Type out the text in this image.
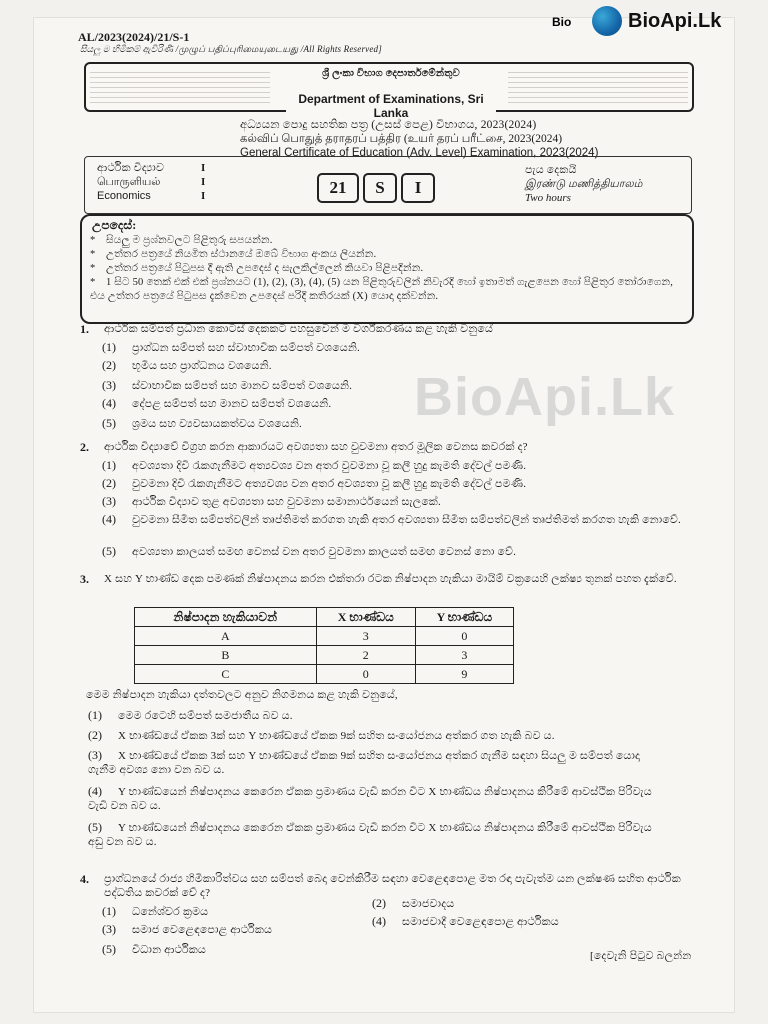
AL/2023(2024)/21/S-1
සියලු ම හිමිකම් ඇවිරිණි /முழுப் பதிப்புரிமையுடையது /All Rights Reserved]
Bio	BioApi.Lk
ශ්‍රී ලංකා විභාග දෙපාර්තමේන්තුව
Department of Examinations, Sri Lanka
අධ්‍යයන පොදු සහතික පත්‍ර (උසස් පෙළ) විභාගය, 2023(2024)
கல்விப் பொதுத் தராதரப் பத்திர (உயர் தரப் பரீட்சை, 2023(2024)
General Certificate of Education (Adv. Level) Examination, 2023(2024)
ආර්ථික විද්‍යාව
பொருளியல்
Economics
I
I
I	21	S	I
පැය දෙකයි
இரண்டு மணித்தியாலம்
Two hours
උපදෙස්:
* සියලු ම ප්‍රශ්නවලට පිළිතුරු සපයන්න.
* උත්තර පත්‍රයේ නියමිත ස්ථානයේ ඔබේ විභාග අංකය ලියන්න.
* උත්තර පත්‍රයේ පිටුපස දී ඇති උපදෙස් ද සැලකිල්ලෙන් කියවා පිළිපදින්න.
* 1 සිට 50 තෙක් එක් එක් ප්‍රශ්නයට (1), (2), (3), (4), (5) යන පිළිතුරුවලින් නිවැරදි හෝ ඉතාමත් ගැළපෙන හෝ පිළිතුර තෝරාගෙන, එය උත්තර පත්‍රයේ පිටුපස දැක්වෙන උපදෙස් පරිදි කතිරයක් (X) යොදා දක්වන්න.
BioApi.Lk
1. ආර්ථික සම්පත් ප්‍රධාන කොටස් දෙකකට පහසුවෙන් ම වර්ගීකරණය කළ හැකි වනුයේ
(1) ප්‍රාග්ධන සම්පත් සහ ස්වාභාවික සම්පත් වශයෙනි.
(2) භූමිය සහ ප්‍රාග්ධනය වශයෙනි.
(3) ස්වාභාවික සම්පත් සහ මානව සම්පත් වශයෙනි.
(4) දේපළ සම්පත් සහ මානව සම්පත් වශයෙනි.
(5) ශ්‍රමය සහ ව්‍යවසායකත්වය වශයෙනි.
2. ආර්ථික විද්‍යාවේ විග්‍රහ කරන ආකාරයට අවශ්‍යතා සහ වුවමනා අතර මූලික වෙනස කවරක් ද?
(1) අවශ්‍යතා දිවි රැකගැනීමට අත්‍යවශ්‍ය වන අතර වුවමනා වූ කලී හුදු කැමති දේවල් පමණි.
(2) වුවමනා දිවි රැකගැනීමට අත්‍යවශ්‍ය වන අතර අවශ්‍යතා වූ කලී හුදු කැමති දේවල් පමණි.
(3) ආර්ථික විද්‍යාව තුළ අවශ්‍යතා සහ වුවමනා සමානාර්ථයෙන් සැලකේ.
(4) වුවමනා සීමිත සම්පත්වලින් තෘප්තිමත් කරගත හැකි අතර අවශ්‍යතා සීමිත සම්පත්වලින් තෘප්තිමත් කරගත හැකි නොවේ.
(5) අවශ්‍යතා කාලයත් සමඟ වෙනස් වන අතර වුවමනා කාලයත් සමඟ වෙනස් නො වේ.
3. X සහ Y භාණ්ඩ දෙක පමණක් නිෂ්පාදනය කරන එක්තරා රටක නිෂ්පාදන හැකියා මායිම් වක්‍රයෙහි ලක්ෂ්‍ය තුනක් පහත දැක්වේ.
නිෂ්පාදන හැකියාවන්	X භාණ්ඩය	Y භාණ්ඩය
A	3	0
B	2	3
C	0	9
මෙම නිෂ්පාදන හැකියා දත්තවලට අනුව නිගමනය කළ හැකි වනුයේ,
(1) මෙම රටෙහි සම්පත් සමජාතීය බව ය.
(2) X භාණ්ඩයේ ඒකක 3ක් සහ Y භාණ්ඩයේ ඒකක 9ක් සහිත සංයෝජනය අත්කර ගත හැකි බව ය.
(3) X භාණ්ඩයේ ඒකක 3ක් සහ Y භාණ්ඩයේ ඒකක 9ක් සහිත සංයෝජනය අත්කර ගැනීම සඳහා සියලු ම සම්පත් යොදා ගැනීම අවශ්‍ය නො වන බව ය.
(4) Y භාණ්ඩයෙන් නිෂ්පාදනය කෙරෙන ඒකක ප්‍රමාණය වැඩි කරන විට X භාණ්ඩය නිෂ්පාදනය කිරීමේ ආවස්ථික පිරිවැය වැඩි වන බව ය.
(5) Y භාණ්ඩයෙන් නිෂ්පාදනය කෙරෙන ඒකක ප්‍රමාණය වැඩි කරන විට X භාණ්ඩය නිෂ්පාදනය කිරීමේ ආවස්ථික පිරිවැය අඩු වන බව ය.
4. ප්‍රාග්ධනයේ රාජ්‍ය හිමිකාරිත්වය සහ සම්පත් බෙදා වෙන්කිරීම සඳහා වෙළෙඳපොළ මත රඳා පැවැත්ම යන ලක්ෂණ සහිත ආර්ථික පද්ධතිය කවරක් වේ ද?
(1) ධනේශ්වර ක්‍රමය
(2) සමාජවාදය
(3) සමාජ වෙළෙඳපොළ ආර්ථිකය
(4) සමාජවාදී වෙළෙඳපොළ ආර්ථිකය
(5) විධාන ආර්ථිකය	[දෙවැනි පිටුව බලන්න
